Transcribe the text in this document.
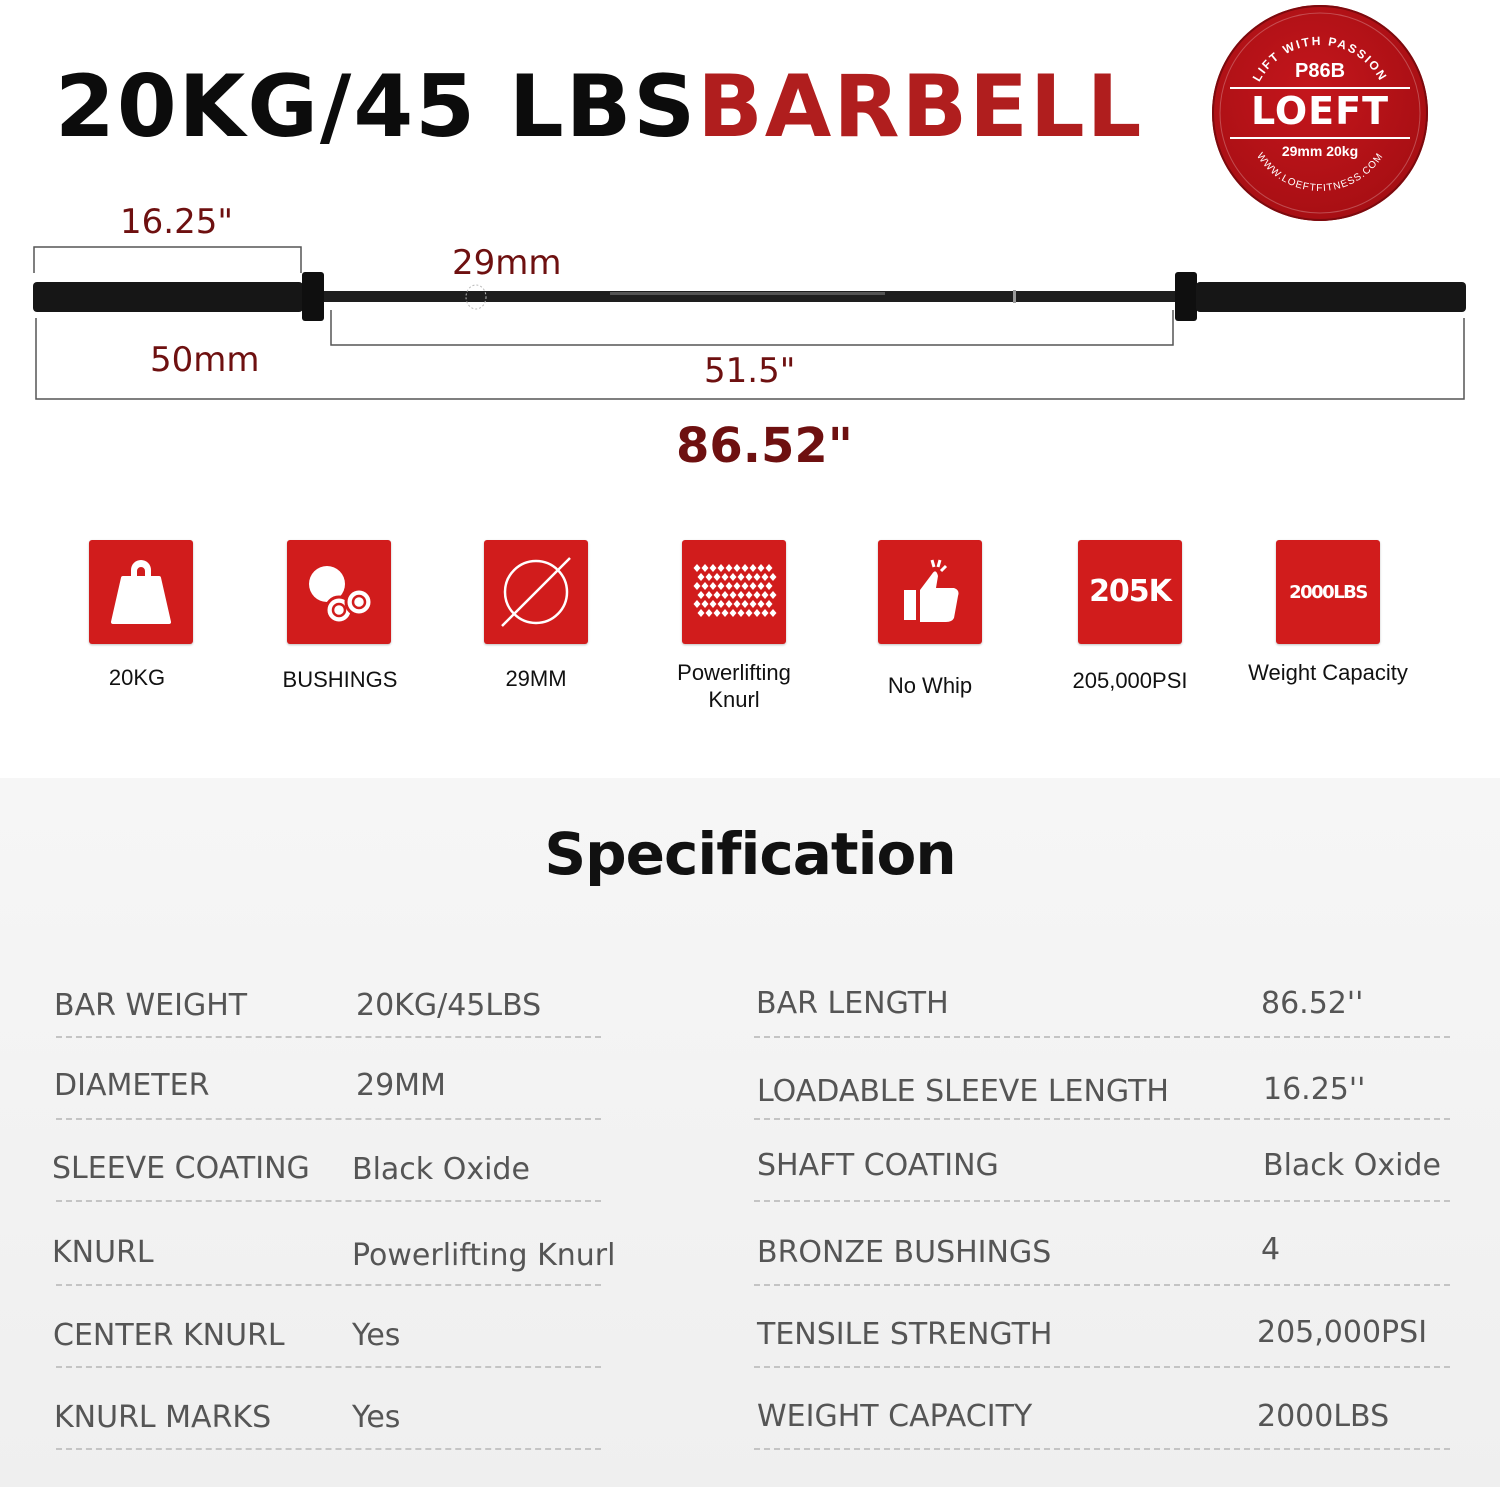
20KG/45 LBSBARBELL	LIFT WITH PASSION
WWW.LOEFTFITNESS.COM
P86B
LOEFT
29mm 20kg
16.25"
29mm
50mm	51.5"
86.52"
20KG	BUSHINGS	29MM	Powerlifting Knurl
No Whip
205K
205,000PSI
2000LBS
Weight Capacity
Specification
BAR WEIGHT	20KG/45LBS
DIAMETER	29MM
SLEEVE COATING Black Oxide
KNURL	Powerlifting Knurl
CENTER KNURL Yes
KNURL MARKS	Yes
BAR LENGTH	86.52''
LOADABLE SLEEVE LENGTH	16.25''
SHAFT COATING	Black Oxide
BRONZE BUSHINGS	4
TENSILE STRENGTH	205,000PSI
WEIGHT CAPACITY	2000LBS
